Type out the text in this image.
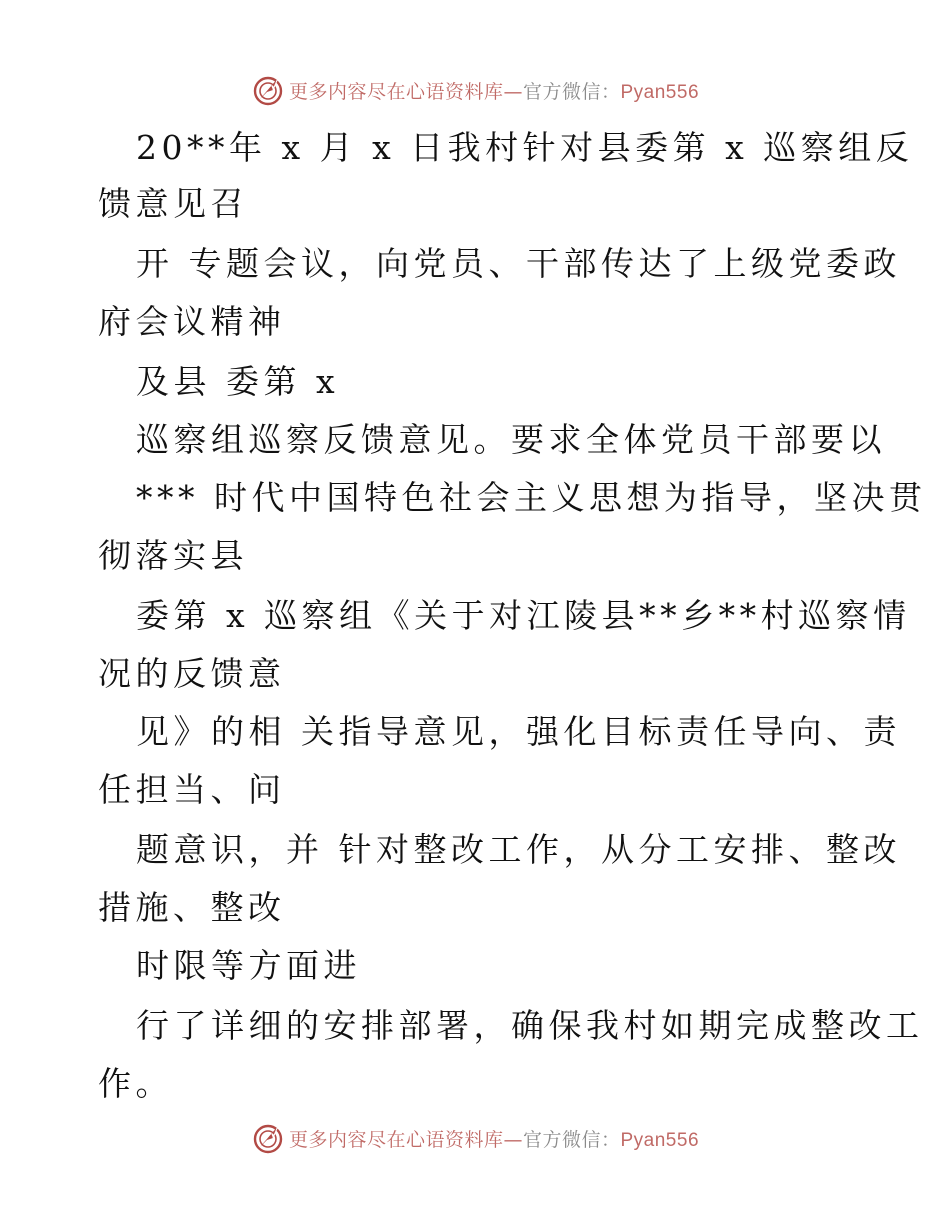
更多内容尽在心语资料库—官方微信：Pyan556
20**年 x 月 x 日我村针对县委第 x 巡察组反
馈意见召
开 专题会议，向党员、干部传达了上级党委政
府会议精神
及县 委第 x
巡察组巡察反馈意见。要求全体党员干部要以
*** 时代中国特色社会主义思想为指导，坚决贯
彻落实县
委第 x 巡察组《关于对江陵县**乡**村巡察情
况的反馈意
见》的相 关指导意见，强化目标责任导向、责
任担当、问
题意识，并 针对整改工作，从分工安排、整改
措施、整改
时限等方面进
行了详细的安排部署，确保我村如期完成整改工
作。
更多内容尽在心语资料库—官方微信：Pyan556
